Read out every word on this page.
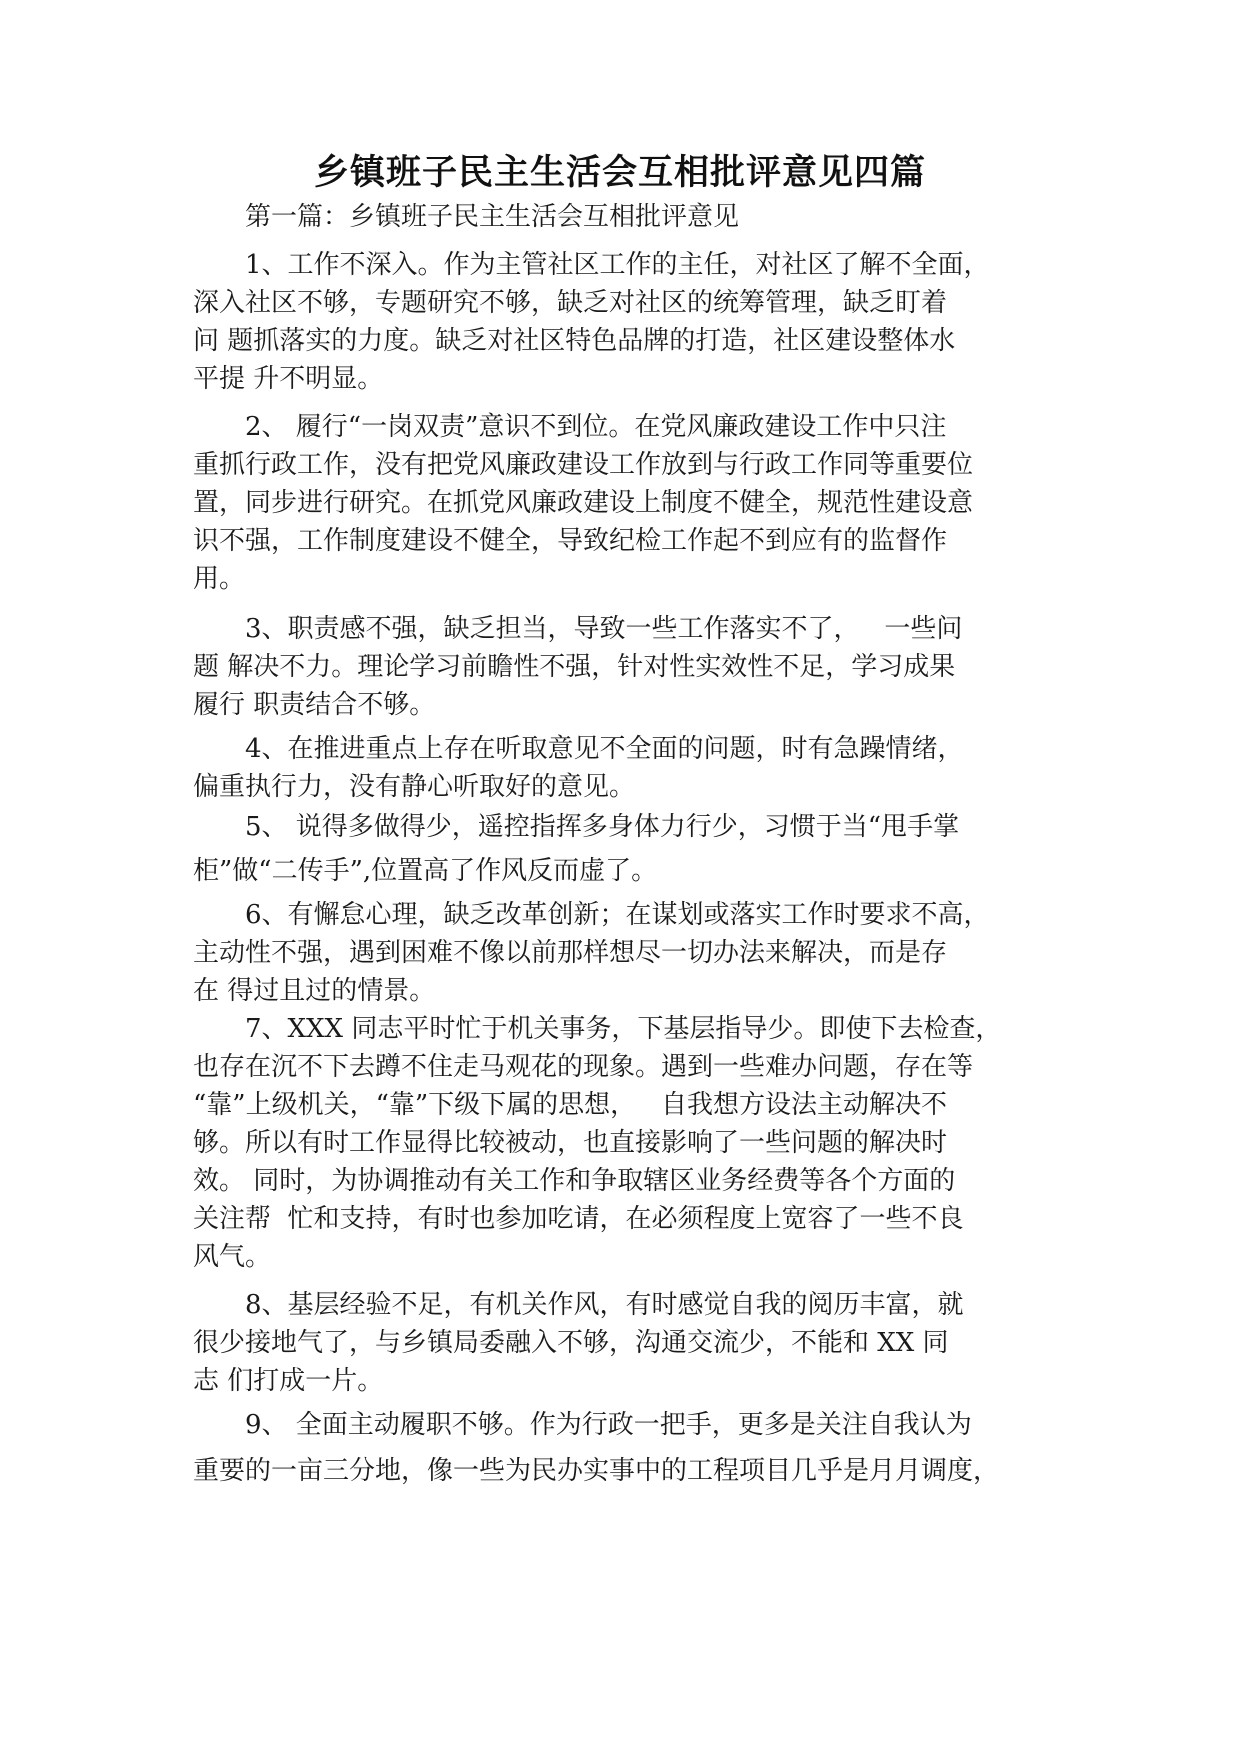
乡镇班子民主生活会互相批评意见四篇
第一篇：乡镇班子民主生活会互相批评意见
1、工作不深入。作为主管社区工作的主任，对社区了解不全面，
深入社区不够，专题研究不够，缺乏对社区的统筹管理，缺乏盯着
问 题抓落实的力度。缺乏对社区特色品牌的打造，社区建设整体水
平提 升不明显。
2、 履行“一岗双责”意识不到位。在党风廉政建设工作中只注
重抓行政工作，没有把党风廉政建设工作放到与行政工作同等重要位
置，同步进行研究。在抓党风廉政建设上制度不健全，规范性建设意
识不强，工作制度建设不健全，导致纪检工作起不到应有的监督作
用。
3、职责感不强，缺乏担当，导致一些工作落实不了，   一些问
题 解决不力。理论学习前瞻性不强，针对性实效性不足，学习成果
履行 职责结合不够。
4、在推进重点上存在听取意见不全面的问题，时有急躁情绪，
偏重执行力，没有静心听取好的意见。
5、 说得多做得少，遥控指挥多身体力行少，习惯于当“甩手掌
柜”做“二传手”,位置高了作风反而虚了。
6、有懈怠心理，缺乏改革创新；在谋划或落实工作时要求不高，
主动性不强，遇到困难不像以前那样想尽一切办法来解决，而是存
在 得过且过的情景。
7、XXX 同志平时忙于机关事务，下基层指导少。即使下去检查，
也存在沉不下去蹲不住走马观花的现象。遇到一些难办问题，存在等
“靠”上级机关，“靠”下级下属的思想，   自我想方设法主动解决不
够。所以有时工作显得比较被动，也直接影响了一些问题的解决时
效。 同时，为协调推动有关工作和争取辖区业务经费等各个方面的
关注帮  忙和支持，有时也参加吃请，在必须程度上宽容了一些不良
风气。
8、基层经验不足，有机关作风，有时感觉自我的阅历丰富，就
很少接地气了，与乡镇局委融入不够，沟通交流少，不能和 XX 同
志 们打成一片。
9、 全面主动履职不够。作为行政一把手，更多是关注自我认为
重要的一亩三分地，像一些为民办实事中的工程项目几乎是月月调度，
